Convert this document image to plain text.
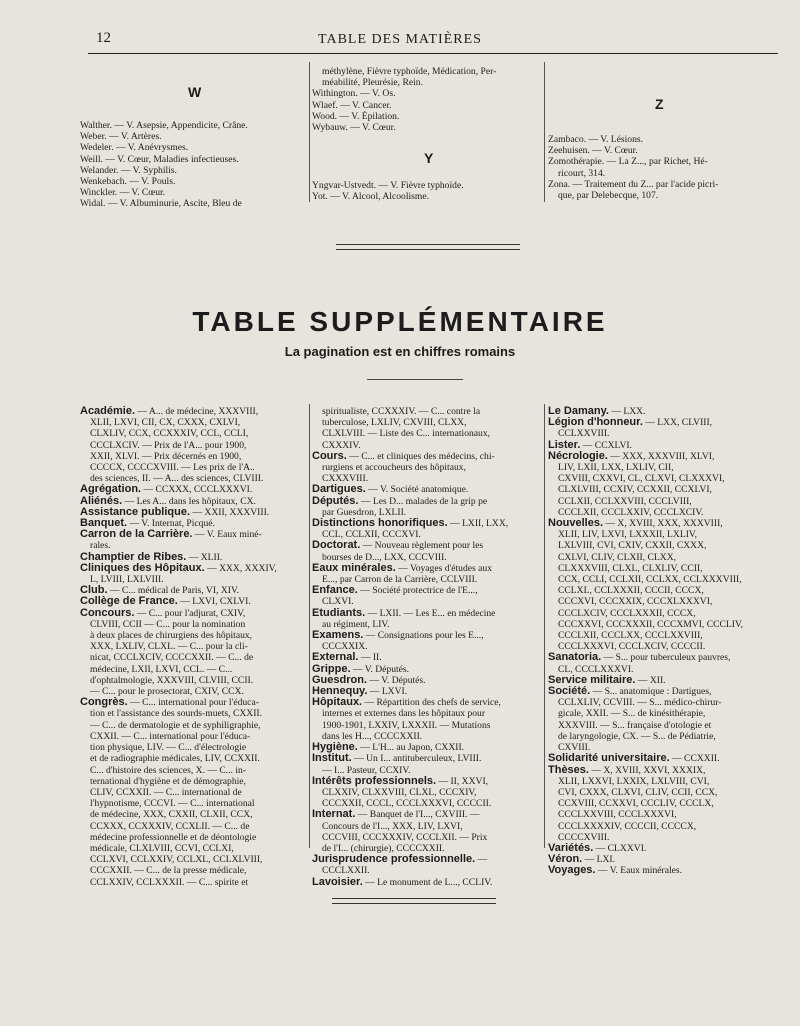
12	TABLE DES MATIÈRES
W
Walther. — V. Asepsie, Appendicite, Crâne.
Weber. — V. Artères.
Wedeler. — V. Anévrysmes.
Weill. — V. Cœur, Maladies infectieuses.
Welander. — V. Syphilis.
Wenkebach. — V. Pouls.
Winckler. — V. Cœur.
Widal. — V. Albuminurie, Ascite, Bleu de
méthylène, Fièvre typhoïde, Médication, Per-
méabilité, Pleurésie, Rein.
Withington. — V. Os.
Wlaef. — V. Cancer.
Wood. — V. Épilation.
Wybauw. — V. Cœur.
Y
Yngvar-Ustvedt. — V. Fièvre typhoïde.
Yot. — V. Alcool, Alcoolisme.
Z
Zambaco. — V. Lésions.
Zeehuisen. — V. Cœur.
Zomothérapie. — La Z..., par Richet, Hé-
ricourt, 314.
Zona. — Traitement du Z... par l'acide picri-
que, par Delebecque, 107.
TABLE SUPPLÉMENTAIRE
La pagination est en chiffres romains
Académie. — A... de médecine, XXXVIII,
XLII, LXVI, CII, CX, CXXX, CXLVI,
CLXLIV, CCX, CCXXXIV, CCL, CCLI,
CCCLXCIV. — Prix de l'A... pour 1900,
XXII, XLVI. — Prix décernés en 1900,
CCCCX, CCCCXVIII. — Les prix de l'A..
des sciences, II. — A... des sciences, CLVIII.
Agrégation. — CCXXX, CCCLXXXVI.
Aliénés. — Les A... dans les hôpitaux, CX.
Assistance publique. — XXII, XXXVIII.
Banquet. — V. Internat, Picqué.
Carron de la Carrière. — V. Eaux miné-
rales.
Champtier de Ribes. — XLII.
Cliniques des Hôpitaux. — XXX, XXXIV,
L, LVIII, LXLVIII.
Club. — C... médical de Paris, VI, XIV.
Collège de France. — LXVI, CXLVI.
Concours. — C... pour l'adjurat, CXIV,
CLVIII, CCII — C... pour la nomination
à deux places de chirurgiens des hôpitaux,
XXX, LXLIV, CLXL. — C... pour la cli-
nicat, CCCLXCIV, CCCCXXII. — C... de
médecine, LXII, LXVI, CCL. — C...
d'ophtalmologie, XXXVIII, CLVIII, CCII.
— C... pour le prosectorat, CXIV, CCX.
Congrès. — C... international pour l'éduca-
tion et l'assistance des sourds-muets, CXXII.
— C... de dermatologie et de syphiligraphie,
CXXII. — C... international pour l'éduca-
tion physique, LIV. — C... d'électrologie
et de radiographie médicales, LIV, CCXXII.
C... d'histoire des sciences, X. — C... in-
ternational d'hygiène et de démographie,
CLIV, CCXXII. — C... international de
l'hypnotisme, CCCVI. — C... international
de médecine, XXX, CXXII, CLXII, CCX,
CCXXX, CCXXXIV, CCXLII. — C... de
médecine professionnelle et de déontologie
médicale, CLXLVIII, CCVI, CCLXI,
CCLXVI, CCLXXIV, CCLXL, CCLXLVIII,
CCCXXII. — C... de la presse médicale,
CCLXXIV, CCLXXXII. — C... spirite et
spiritualiste, CCXXXIV. — C... contre la
tuberculose, LXLIV, CXVIII, CLXX,
CLXLVIII. — Liste des C... internationaux,
CXXXIV.
Cours. — C... et cliniques des médecins, chi-
rurgiens et accoucheurs des hôpitaux,
CXXXVIII.
Dartigues. — V. Société anatomique.
Députés. — Les D... malades de la grip pe
par Guesdron, LXLII.
Distinctions honorifiques. — LXII, LXX,
CCL, CCLXII, CCCXVI.
Doctorat. — Nouveau règlement pour les
bourses de D..., LXX, CCCVIII.
Eaux minérales. — Voyages d'études aux
E..., par Carron de la Carrière, CCLVIII.
Enfance. — Société protectrice de l'E...,
CLXVI.
Etudiants. — LXII. — Les E... en médecine
au régiment, LIV.
Examens. — Consignations pour les E...,
CCCXXIX.
External. — II.
Grippe. — V. Députés.
Guesdron. — V. Députés.
Hennequy. — LXVI.
Hôpitaux. — Répartition des chefs de service,
internes et externes dans les hôpitaux pour
1900-1901, LXXIV, LXXXII. — Mutations
dans les H..., CCCCXXII.
Hygiène. — L'H... au Japon, CXXII.
Institut. — Un I... antituberculeux, LVIII.
— I... Pasteur, CCXIV.
Intérêts professionnels. — II, XXVI,
CLXXIV, CLXXVIII, CLXL, CCCXIV,
CCCXXII, CCCL, CCCLXXXVI, CCCCII.
Internat. — Banquet de l'I..., CXVIII. —
Concours de l'I..., XXX, LIV, LXVI,
CCCVIII, CCCXXXIV, CCCLXII. — Prix
de l'I... (chirurgie), CCCCXXII.
Jurisprudence professionnelle. —
CCCLXXII.
Lavoisier. — Le monument de L..., CCLIV.
Le Damany. — LXX.
Légion d'honneur. — LXX, CLVIII,
CCLXXVIII.
Lister. — CCXLVI.
Nécrologie. — XXX, XXXVIII, XLVI,
LIV, LXII, LXX, LXLIV, CII,
CXVIII, CXXVI, CL, CLXVI, CLXXXVI,
CLXLVIII, CCXIV, CCXXII, CCXLVI,
CCLXII, CCLXXVIII, CCCLVIII,
CCCLXII, CCCLXXIV, CCCLXCIV.
Nouvelles. — X, XVIII, XXX, XXXVIII,
XLII, LIV, LXVI, LXXXII, LXLIV,
LXLVIII, CVI, CXIV, CXXII, CXXX,
CXLVI, CLIV, CLXII, CLXX,
CLXXXVIII, CLXL, CLXLIV, CCII,
CCX, CCLI, CCLXII, CCLXX, CCLXXXVIII,
CCLXL, CCLXXXII, CCCII, CCCX,
CCCXVI, CCCXXIX, CCCXLXXXVI,
CCCLXCIV, CCCLXXXII, CCCX,
CCCXXVI, CCCXXXII, CCCXMVI, CCCLIV,
CCCLXII, CCCLXX, CCCLXXVIII,
CCCLXXXVI, CCCLXCIV, CCCCII.
Sanatoria. — S... pour tuberculeux pauvres,
CL, CCCLXXXVI.
Service militaire. — XII.
Société. — S... anatomique : Dartigues,
CCLXLIV, CCVIII. — S... médico-chirur-
gicale, XXII. — S... de kinésithérapie,
XXXVIII. — S... française d'otologie et
de laryngologie, CX. — S... de Pédiatrie,
CXVIII.
Solidarité universitaire. — CCXXII.
Thèses. — X, XVIII, XXVI, XXXIX,
XLII, LXXVI, LXXIX, LXLVIII, CVI,
CVI, CXXX, CLXVI, CLIV, CCII, CCX,
CCXVIII, CCXXVI, CCCLIV, CCCLX,
CCCLXXVIII, CCCLXXXVI,
CCCLXXXXIV, CCCCII, CCCCX,
CCCCXVIII.
Variétés. — CLXXVI.
Véron. — LXI.
Voyages. — V. Eaux minérales.
